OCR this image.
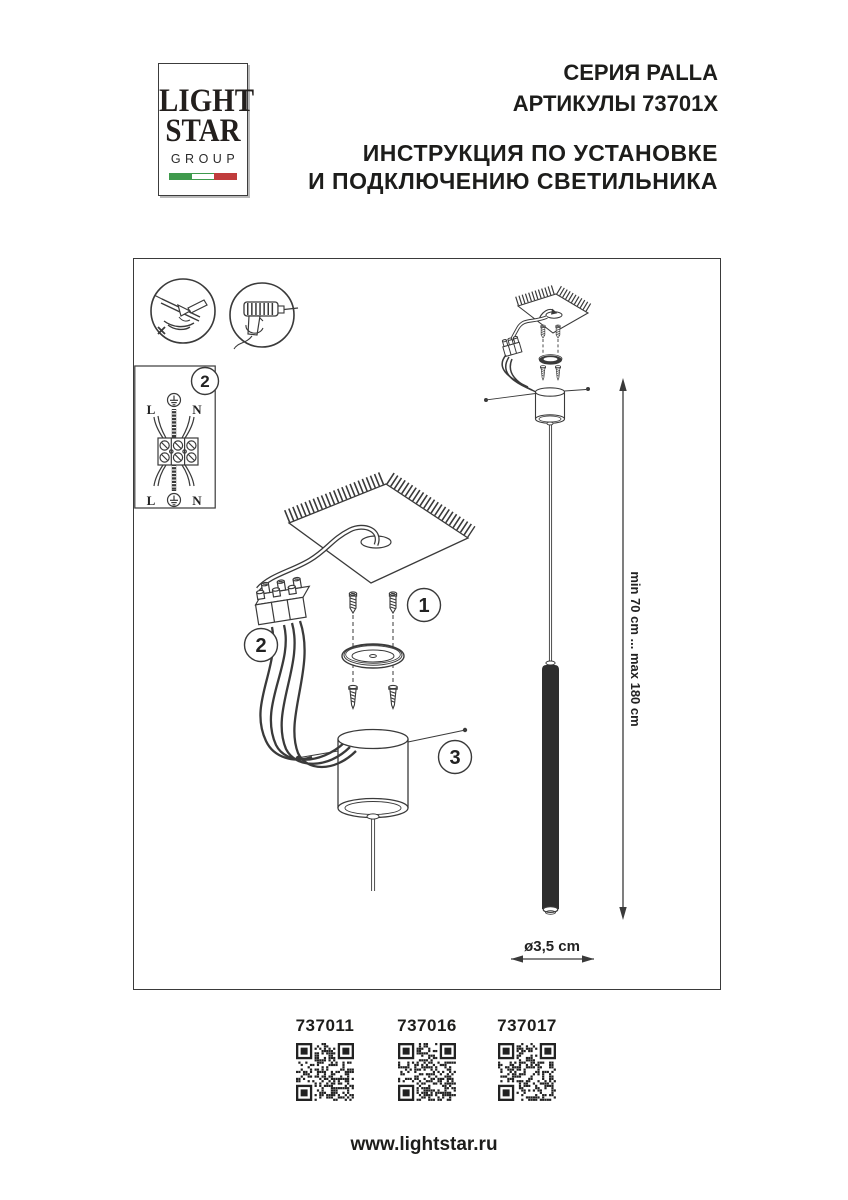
LIGHT
STAR
GROUP
СЕРИЯ PALLA
АРТИКУЛЫ 73701X
ИНСТРУКЦИЯ ПО УСТАНОВКЕ
И ПОДКЛЮЧЕНИЮ СВЕТИЛЬНИКА
2
L	N
L	N
1
2
3
min 70 cm ... max 180 cm
ø3,5 cm
737011	737016	737017
www.lightstar.ru
